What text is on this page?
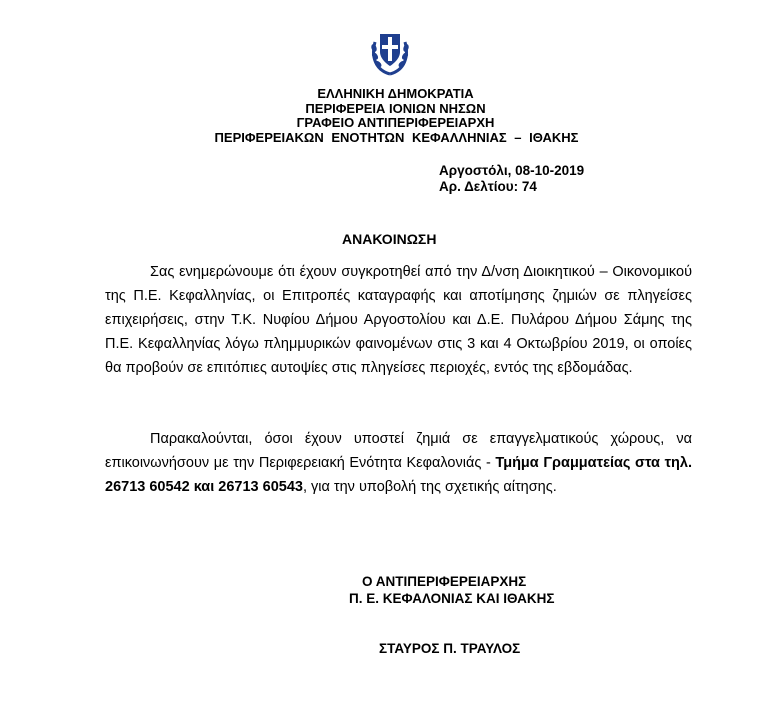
ΕΛΛΗΝΙΚΗ ΔΗΜΟΚΡΑΤΙΑ
ΠΕΡΙΦΕΡΕΙΑ ΙΟΝΙΩΝ ΝΗΣΩΝ
ΓΡΑΦΕΙΟ ΑΝΤΙΠΕΡΙΦΕΡΕΙΑΡΧΗ
ΠΕΡΙΦΕΡΕΙΑΚΩΝ ΕΝΟΤΗΤΩΝ ΚΕΦΑΛΛΗΝΙΑΣ – ΙΘΑΚΗΣ
Αργοστόλι, 08-10-2019
Αρ. Δελτίου: 74
ΑΝΑΚΟΙΝΩΣΗ
Σας ενημερώνουμε ότι έχουν συγκροτηθεί από την Δ/νση Διοικητικού – Οικονομικού της Π.Ε. Κεφαλληνίας, οι Επιτροπές καταγραφής και αποτίμησης ζημιών σε πληγείσες επιχειρήσεις, στην Τ.Κ. Νυφίου Δήμου Αργοστολίου και Δ.Ε. Πυλάρου Δήμου Σάμης της Π.Ε. Κεφαλληνίας λόγω πλημμυρικών φαινομένων στις 3 και 4 Οκτωβρίου 2019, οι οποίες θα προβούν σε επιτόπιες αυτοψίες στις πληγείσες περιοχές, εντός της εβδομάδας.
Παρακαλούνται, όσοι έχουν υποστεί ζημιά σε επαγγελματικούς χώρους, να επικοινωνήσουν με την Περιφερειακή Ενότητα Κεφαλονιάς - Τμήμα Γραμματείας στα τηλ. 26713 60542 και 26713 60543, για την υποβολή της σχετικής αίτησης.
Ο ΑΝΤΙΠΕΡΙΦΕΡΕΙΑΡΧΗΣ
Π. Ε. ΚΕΦΑΛΟΝΙΑΣ ΚΑΙ ΙΘΑΚΗΣ
ΣΤΑΥΡΟΣ Π. ΤΡΑΥΛΟΣ
